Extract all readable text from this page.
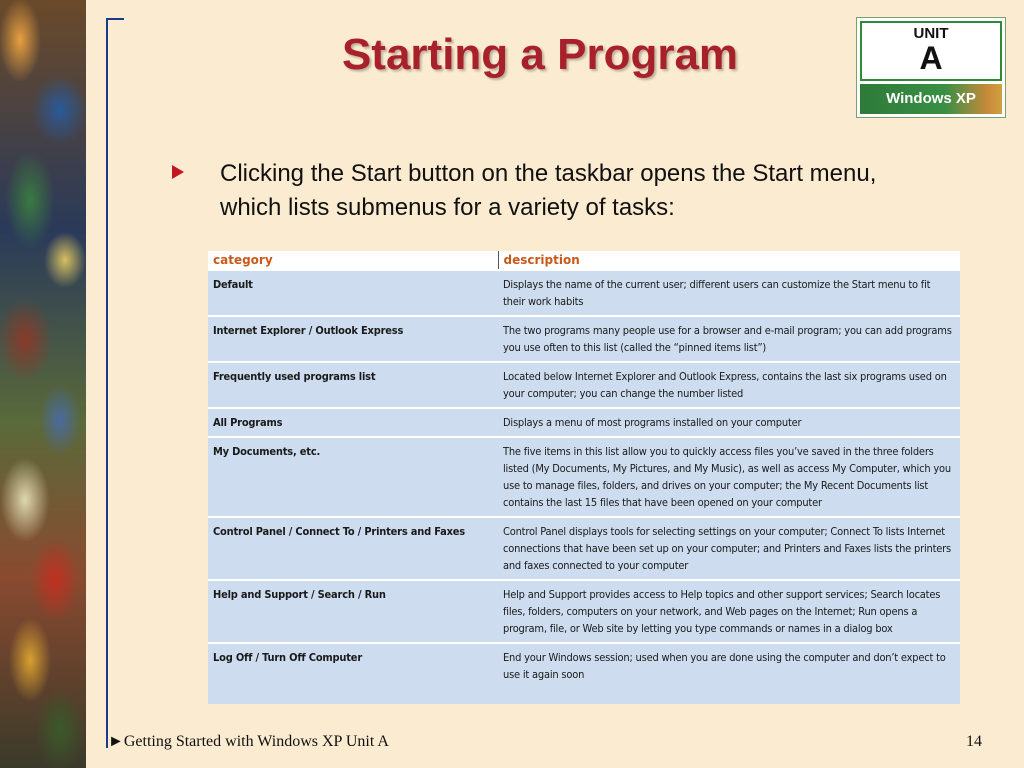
Starting a Program	UNIT
A
Windows XP
Clicking the Start button on the taskbar opens the Start menu, which lists submenus for a variety of tasks:
category	description
Default	Displays the name of the current user; different users can customize the Start menu to fit their work habits
Internet Explorer / Outlook Express	The two programs many people use for a browser and e-mail program; you can add programs you use often to this list (called the “pinned items list”)
Frequently used programs list	Located below Internet Explorer and Outlook Express, contains the last six programs used on your computer; you can change the number listed
All Programs	Displays a menu of most programs installed on your computer
My Documents, etc.	The five items in this list allow you to quickly access files you’ve saved in the three folders listed (My Documents, My Pictures, and My Music), as well as access My Computer, which you use to manage files, folders, and drives on your computer; the My Recent Documents list contains the last 15 files that have been opened on your computer
Control Panel / Connect To / Printers and Faxes	Control Panel displays tools for selecting settings on your computer; Connect To lists Internet connections that have been set up on your computer; and Printers and Faxes lists the printers and faxes connected to your computer
Help and Support / Search / Run	Help and Support provides access to Help topics and other support services; Search locates files, folders, computers on your network, and Web pages on the Internet; Run opens a program, file, or Web site by letting you type commands or names in a dialog box
Log Off / Turn Off Computer	End your Windows session; used when you are done using the computer and don’t expect to use it again soon
►Getting Started with Windows XP Unit A	14
